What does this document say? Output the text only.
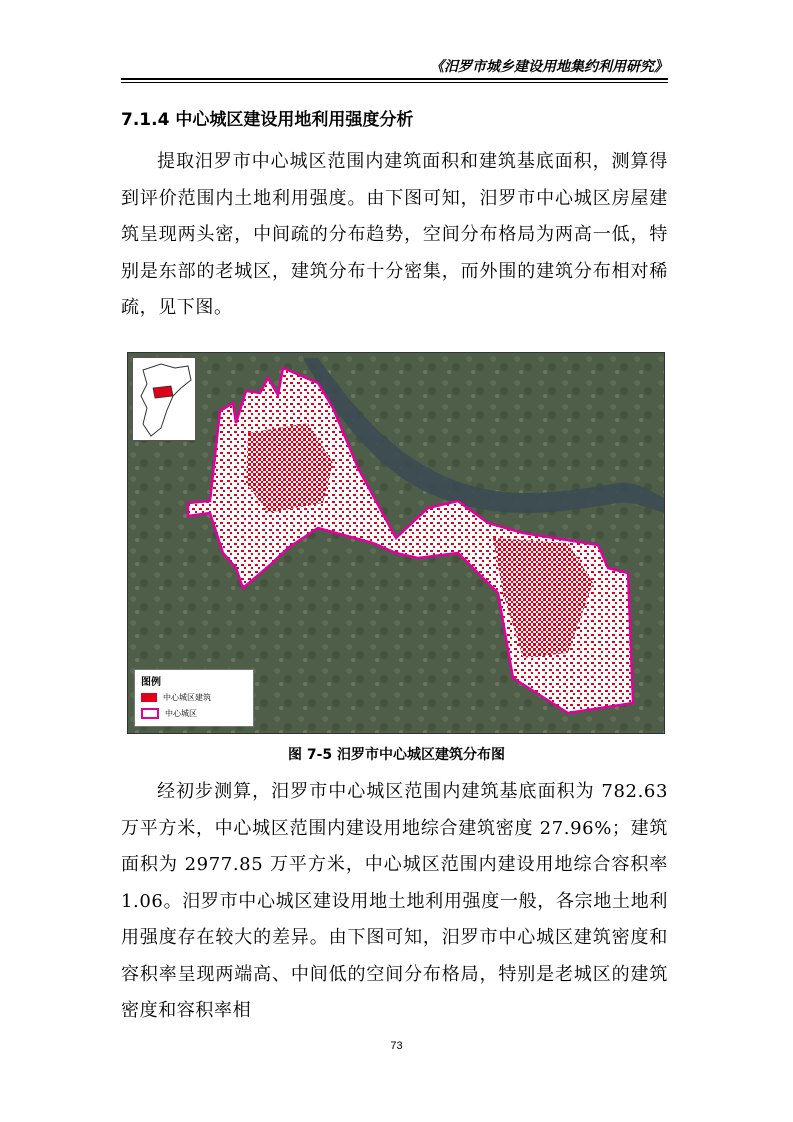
《汨罗市城乡建设用地集约利用研究》
7.1.4 中心城区建设用地利用强度分析
提取汨罗市中心城区范围内建筑面积和建筑基底面积，测算得到评价范围内土地利用强度。由下图可知，汨罗市中心城区房屋建筑呈现两头密，中间疏的分布趋势，空间分布格局为两高一低，特别是东部的老城区，建筑分布十分密集，而外围的建筑分布相对稀疏，见下图。
图例
中心城区建筑
中心城区
图 7-5 汨罗市中心城区建筑分布图
经初步测算，汨罗市中心城区范围内建筑基底面积为 782.63 万平方米，中心城区范围内建设用地综合建筑密度 27.96%；建筑面积为 2977.85 万平方米，中心城区范围内建设用地综合容积率 1.06。汨罗市中心城区建设用地土地利用强度一般，各宗地土地利用强度存在较大的差异。由下图可知，汨罗市中心城区建筑密度和容积率呈现两端高、中间低的空间分布格局，特别是老城区的建筑密度和容积率相
73
